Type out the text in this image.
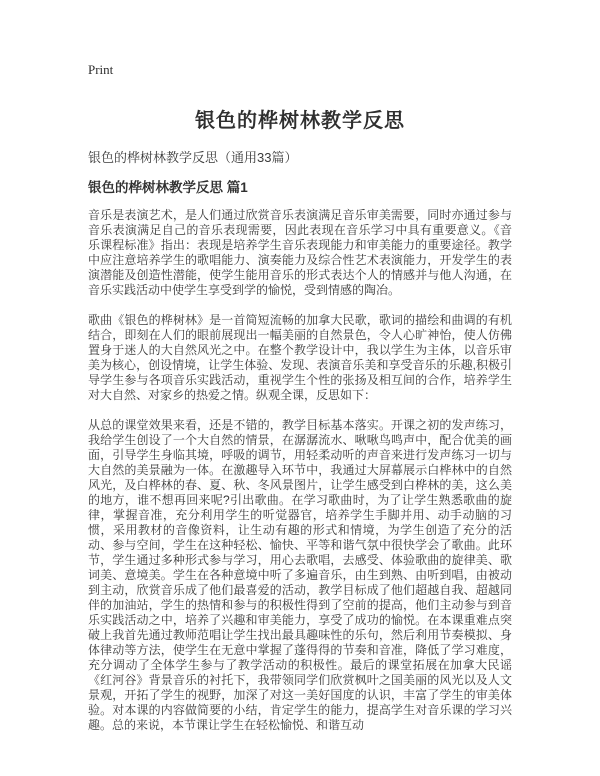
Print
银色的桦树林教学反思
银色的桦树林教学反思（通用33篇）
银色的桦树林教学反思 篇1

音乐是表演艺术，是人们通过欣赏音乐表演满足音乐审美需要，同时亦通过参与音乐表演满足自己的音乐表现需要，因此表现在音乐学习中具有重要意义。《音乐课程标准》指出：表现是培养学生音乐表现能力和审美能力的重要途径。教学中应注意培养学生的歌唱能力、演奏能力及综合性艺术表演能力，开发学生的表演潜能及创造性潜能，使学生能用音乐的形式表达个人的情感并与他人沟通，在音乐实践活动中使学生享受到学的愉悦，受到情感的陶冶。

歌曲《银色的桦树林》是一首简短流畅的加拿大民歌，歌词的描绘和曲调的有机结合，即刻在人们的眼前展现出一幅美丽的自然景色，令人心旷神怡，使人仿佛置身于迷人的大自然风光之中。在整个教学设计中，我以学生为主体，以音乐审美为核心，创设情境，让学生体验、发现、表演音乐美和享受音乐的乐趣,积极引导学生参与各项音乐实践活动，重视学生个性的张扬及相互间的合作，培养学生对大自然、对家乡的热爱之情。纵观全课，反思如下：

从总的课堂效果来看，还是不错的，教学目标基本落实。开课之初的发声练习，我给学生创设了一个大自然的情景，在潺潺流水、啾啾鸟鸣声中，配合优美的画面，引导学生身临其境，呼吸的调节，用轻柔动听的声音来进行发声练习一切与大自然的美景融为一体。在激趣导入环节中，我通过大屏幕展示白桦林中的自然风光，及白桦林的春、夏、秋、冬风景图片，让学生感受到白桦林的美，这么美的地方，谁不想再回来呢?引出歌曲。在学习歌曲时，为了让学生熟悉歌曲的旋律，掌握音准，充分利用学生的听觉器官，培养学生手脚并用、动手动脑的习惯，采用教材的音像资料，让生动有趣的形式和情境，为学生创造了充分的活动、参与空间，学生在这种轻松、愉快、平等和谐气氛中很快学会了歌曲。此环节，学生通过多种形式参与学习，用心去歌唱，去感受、体验歌曲的旋律美、歌词美、意境美。学生在各种意境中听了多遍音乐，由生到熟、由听到唱，由被动到主动，欣赏音乐成了他们最喜爱的活动，教学目标成了他们超越自我、超越同伴的加油站，学生的热情和参与的积极性得到了空前的提高，他们主动参与到音乐实践活动之中，培养了兴趣和审美能力，享受了成功的愉悦。在本课重难点突破上我首先通过教师范唱让学生找出最具趣味性的乐句，然后利用节奏模拟、身体律动等方法，使学生在无意中掌握了蓬得得的节奏和音准，降低了学习难度，充分调动了全体学生参与了教学活动的积极性。最后的课堂拓展在加拿大民谣《红河谷》背景音乐的衬托下，我带领同学们欣赏枫叶之国美丽的风光以及人文景观，开拓了学生的视野，加深了对这一美好国度的认识，丰富了学生的审美体验。对本课的内容做简要的小结，肯定学生的能力，提高学生对音乐课的学习兴趣。总的来说，本节课让学生在轻松愉悦、和谐互动
